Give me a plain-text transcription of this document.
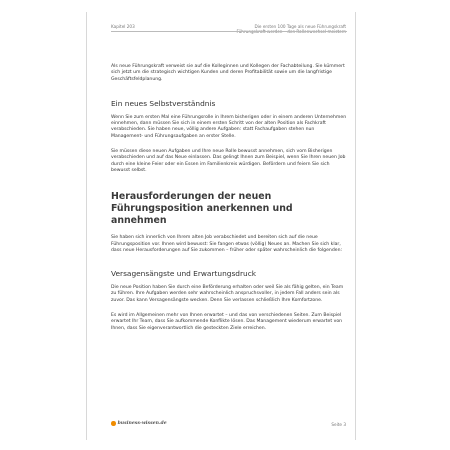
Kapitel 203	Die ersten 100 Tage als neue Führungskraft
Führungskraft werden – den Rollenwechsel meistern

Als neue Führungskraft verweist sie auf die Kolleginnen und Kollegen der Fachabteilung. Sie kümmert sich jetzt um die strategisch wichtigen Kunden und deren Profitabilität sowie um die langfristige Geschäftsfeldplanung.

Ein neues Selbstverständnis

Wenn Sie zum ersten Mal eine Führungsrolle in Ihrem bisherigen oder in einem anderen Unternehmen einnehmen, dann müssen Sie sich in einem ersten Schritt von der alten Position als Fachkraft verabschieden. Sie haben neue, völlig andere Aufgaben: statt Fachaufgaben stehen nun Management- und Führungsaufgaben an erster Stelle.

Sie müssen diese neuen Aufgaben und Ihre neue Rolle bewusst annehmen, sich vom Bisherigen verabschieden und auf das Neue einlassen. Das gelingt Ihnen zum Beispiel, wenn Sie Ihren neuen Job durch eine kleine Feier oder ein Essen im Familienkreis würdigen. Befördern und feiern Sie sich bewusst selbst.

Herausforderungen der neuen Führungsposition anerkennen und annehmen

Sie haben sich innerlich von Ihrem alten Job verabschiedet und bereiten sich auf die neue Führungsposition vor. Ihnen wird bewusst: Sie fangen etwas (völlig) Neues an. Machen Sie sich klar, dass neue Herausforderungen auf Sie zukommen – früher oder später wahrscheinlich die folgenden:

Versagensängste und Erwartungsdruck

Die neue Position haben Sie durch eine Beförderung erhalten oder weil Sie als fähig gelten, ein Team zu führen. Ihre Aufgaben werden sehr wahrscheinlich anspruchsvoller, in jedem Fall anders sein als zuvor. Das kann Versagensängste wecken. Denn Sie verlassen schließlich Ihre Komfortzone.

Es wird im Allgemeinen mehr von Ihnen erwartet – und das von verschiedenen Seiten. Zum Beispiel erwartet Ihr Team, dass Sie aufkommende Konflikte lösen. Das Management wiederum erwartet von Ihnen, dass Sie eigenverantwortlich die gesteckten Ziele erreichen.

business-wissen.de	Seite 3
